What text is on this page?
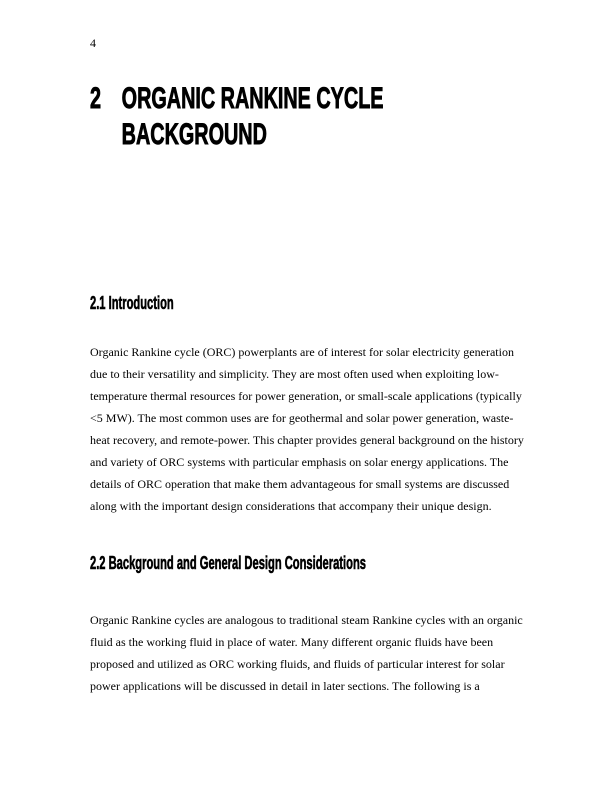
4
2 ORGANIC RANKINE CYCLE
BACKGROUND
2.1 Introduction
Organic Rankine cycle (ORC) powerplants are of interest for solar electricity generation due to their versatility and simplicity. They are most often used when exploiting low-temperature thermal resources for power generation, or small-scale applications (typically <5 MW). The most common uses are for geothermal and solar power generation, waste-heat recovery, and remote-power. This chapter provides general background on the history and variety of ORC systems with particular emphasis on solar energy applications. The details of ORC operation that make them advantageous for small systems are discussed along with the important design considerations that accompany their unique design.
2.2 Background and General Design Considerations
Organic Rankine cycles are analogous to traditional steam Rankine cycles with an organic fluid as the working fluid in place of water. Many different organic fluids have been proposed and utilized as ORC working fluids, and fluids of particular interest for solar power applications will be discussed in detail in later sections. The following is a
